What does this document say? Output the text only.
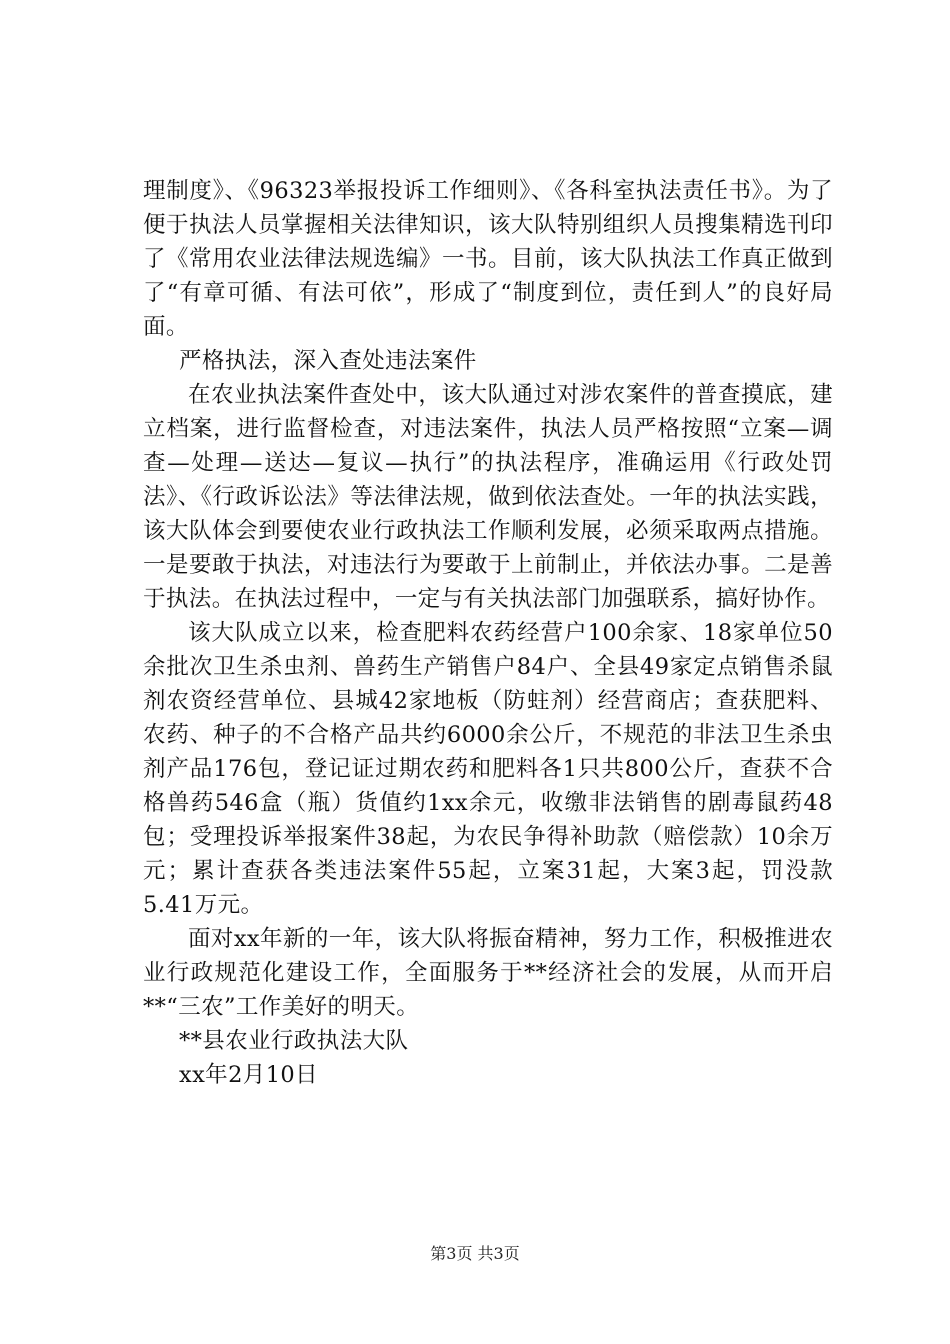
理制度》、《96323举报投诉工作细则》、《各科室执法责任书》。为了便于执法人员掌握相关法律知识，该大队特别组织人员搜集精选刊印了《常用农业法律法规选编》一书。目前，该大队执法工作真正做到了“有章可循、有法可依”，形成了“制度到位，责任到人”的良好局面。

严格执法，深入查处违法案件

在农业执法案件查处中，该大队通过对涉农案件的普查摸底，建立档案，进行监督检查，对违法案件，执法人员严格按照“立案—调查—处理—送达—复议—执行”的执法程序，准确运用《行政处罚法》、《行政诉讼法》等法律法规，做到依法查处。一年的执法实践，该大队体会到要使农业行政执法工作顺利发展，必须采取两点措施。一是要敢于执法，对违法行为要敢于上前制止，并依法办事。二是善于执法。在执法过程中，一定与有关执法部门加强联系，搞好协作。

该大队成立以来，检查肥料农药经营户100余家、18家单位50余批次卫生杀虫剂、兽药生产销售户84户、全县49家定点销售杀鼠剂农资经营单位、县城42家地板（防蛀剂）经营商店；查获肥料、农药、种子的不合格产品共约6000余公斤，不规范的非法卫生杀虫剂产品176包，登记证过期农药和肥料各1只共800公斤，查获不合格兽药546盒（瓶）货值约1xx余元，收缴非法销售的剧毒鼠药48包；受理投诉举报案件38起，为农民争得补助款（赔偿款）10余万元；累计查获各类违法案件55起，立案31起，大案3起，罚没款5.41万元。

面对xx年新的一年，该大队将振奋精神，努力工作，积极推进农业行政规范化建设工作，全面服务于**经济社会的发展，从而开启**“三农”工作美好的明天。

**县农业行政执法大队

xx年2月10日

第3页 共3页
